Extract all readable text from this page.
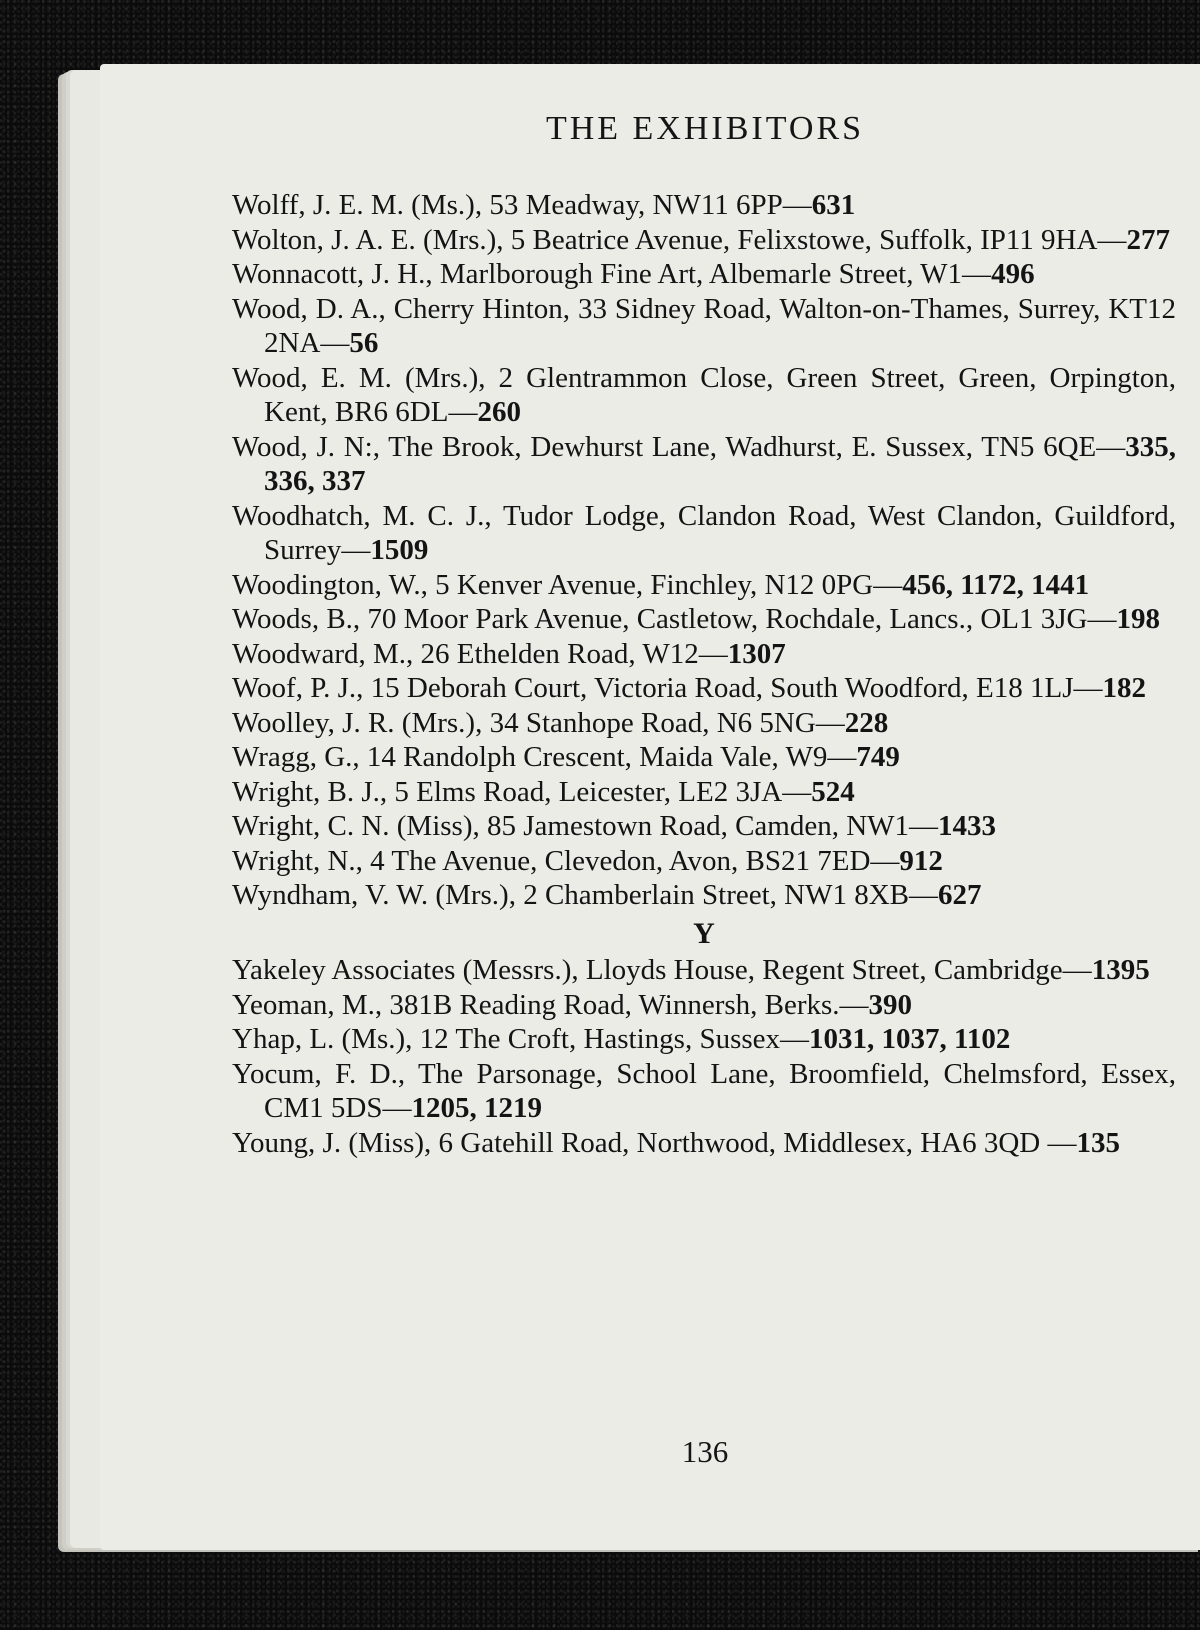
THE EXHIBITORS

Wolff, J. E. M. (Ms.), 53 Meadway, NW11 6PP—631

Wolton, J. A. E. (Mrs.), 5 Beatrice Avenue, Felixstowe, Suffolk, IP11 9HA—277

Wonnacott, J. H., Marlborough Fine Art, Albemarle Street, W1—496

Wood, D. A., Cherry Hinton, 33 Sidney Road, Walton-on-Thames, Surrey, KT12 2NA—56

Wood, E. M. (Mrs.), 2 Glentrammon Close, Green Street, Green, Orpington, Kent, BR6 6DL—260

Wood, J. N:, The Brook, Dewhurst Lane, Wadhurst, E. Sussex, TN5 6QE—335, 336, 337

Woodhatch, M. C. J., Tudor Lodge, Clandon Road, West Clandon, Guildford, Surrey—1509

Woodington, W., 5 Kenver Avenue, Finchley, N12 0PG—456, 1172, 1441

Woods, B., 70 Moor Park Avenue, Castletow, Rochdale, Lancs., OL1 3JG—198

Woodward, M., 26 Ethelden Road, W12—1307

Woof, P. J., 15 Deborah Court, Victoria Road, South Woodford, E18 1LJ—182

Woolley, J. R. (Mrs.), 34 Stanhope Road, N6 5NG—228

Wragg, G., 14 Randolph Crescent, Maida Vale, W9—749

Wright, B. J., 5 Elms Road, Leicester, LE2 3JA—524

Wright, C. N. (Miss), 85 Jamestown Road, Camden, NW1—1433

Wright, N., 4 The Avenue, Clevedon, Avon, BS21 7ED—912

Wyndham, V. W. (Mrs.), 2 Chamberlain Street, NW1 8XB—627

Y

Yakeley Associates (Messrs.), Lloyds House, Regent Street, Cambridge—1395

Yeoman, M., 381B Reading Road, Winnersh, Berks.—390

Yhap, L. (Ms.), 12 The Croft, Hastings, Sussex—1031, 1037, 1102

Yocum, F. D., The Parsonage, School Lane, Broomfield, Chelmsford, Essex, CM1 5DS—1205, 1219

Young, J. (Miss), 6 Gatehill Road, Northwood, Middlesex, HA6 3QD —135

136
